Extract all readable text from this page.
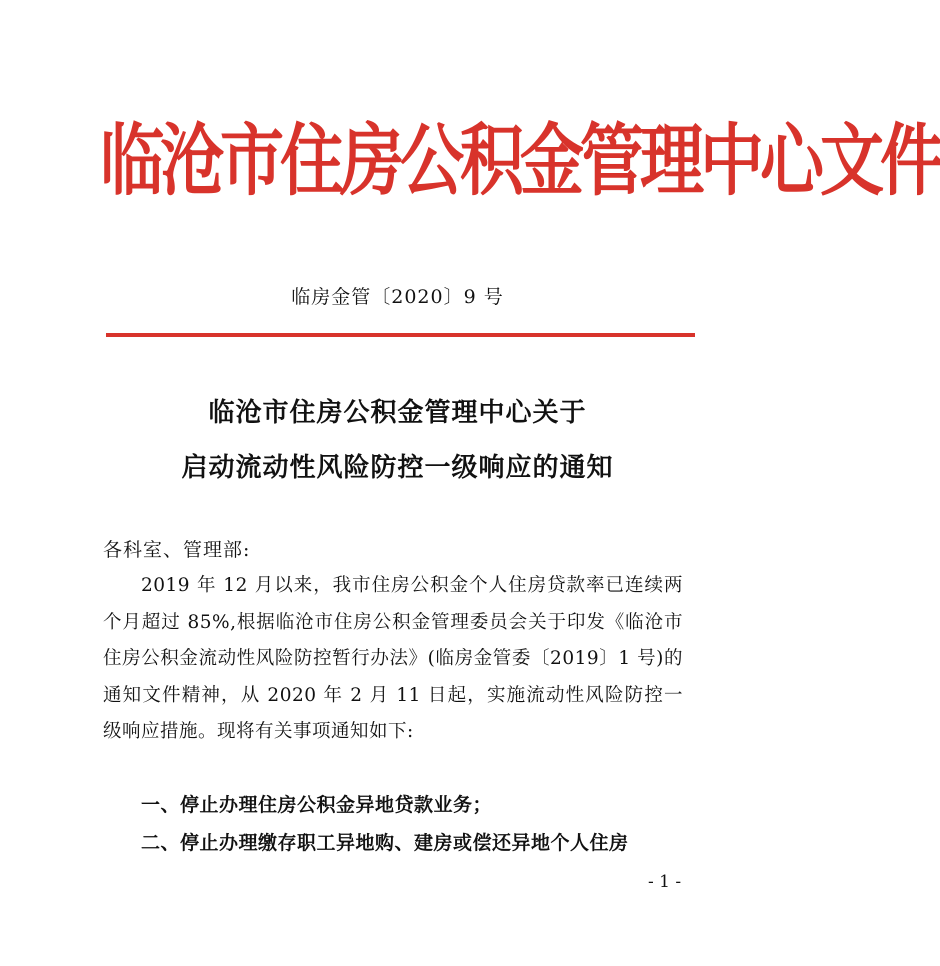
临沧市住房公积金管理中心文件
临房金管〔2020〕9 号
临沧市住房公积金管理中心关于
启动流动性风险防控一级响应的通知
各科室、管理部:
2019 年 12 月以来，我市住房公积金个人住房贷款率已连续两个月超过 85%,根据临沧市住房公积金管理委员会关于印发《临沧市住房公积金流动性风险防控暂行办法》(临房金管委〔2019〕1 号)的通知文件精神，从 2020 年 2 月 11 日起，实施流动性风险防控一级响应措施。现将有关事项通知如下:
一、停止办理住房公积金异地贷款业务；
二、停止办理缴存职工异地购、建房或偿还异地个人住房
- 1 -
